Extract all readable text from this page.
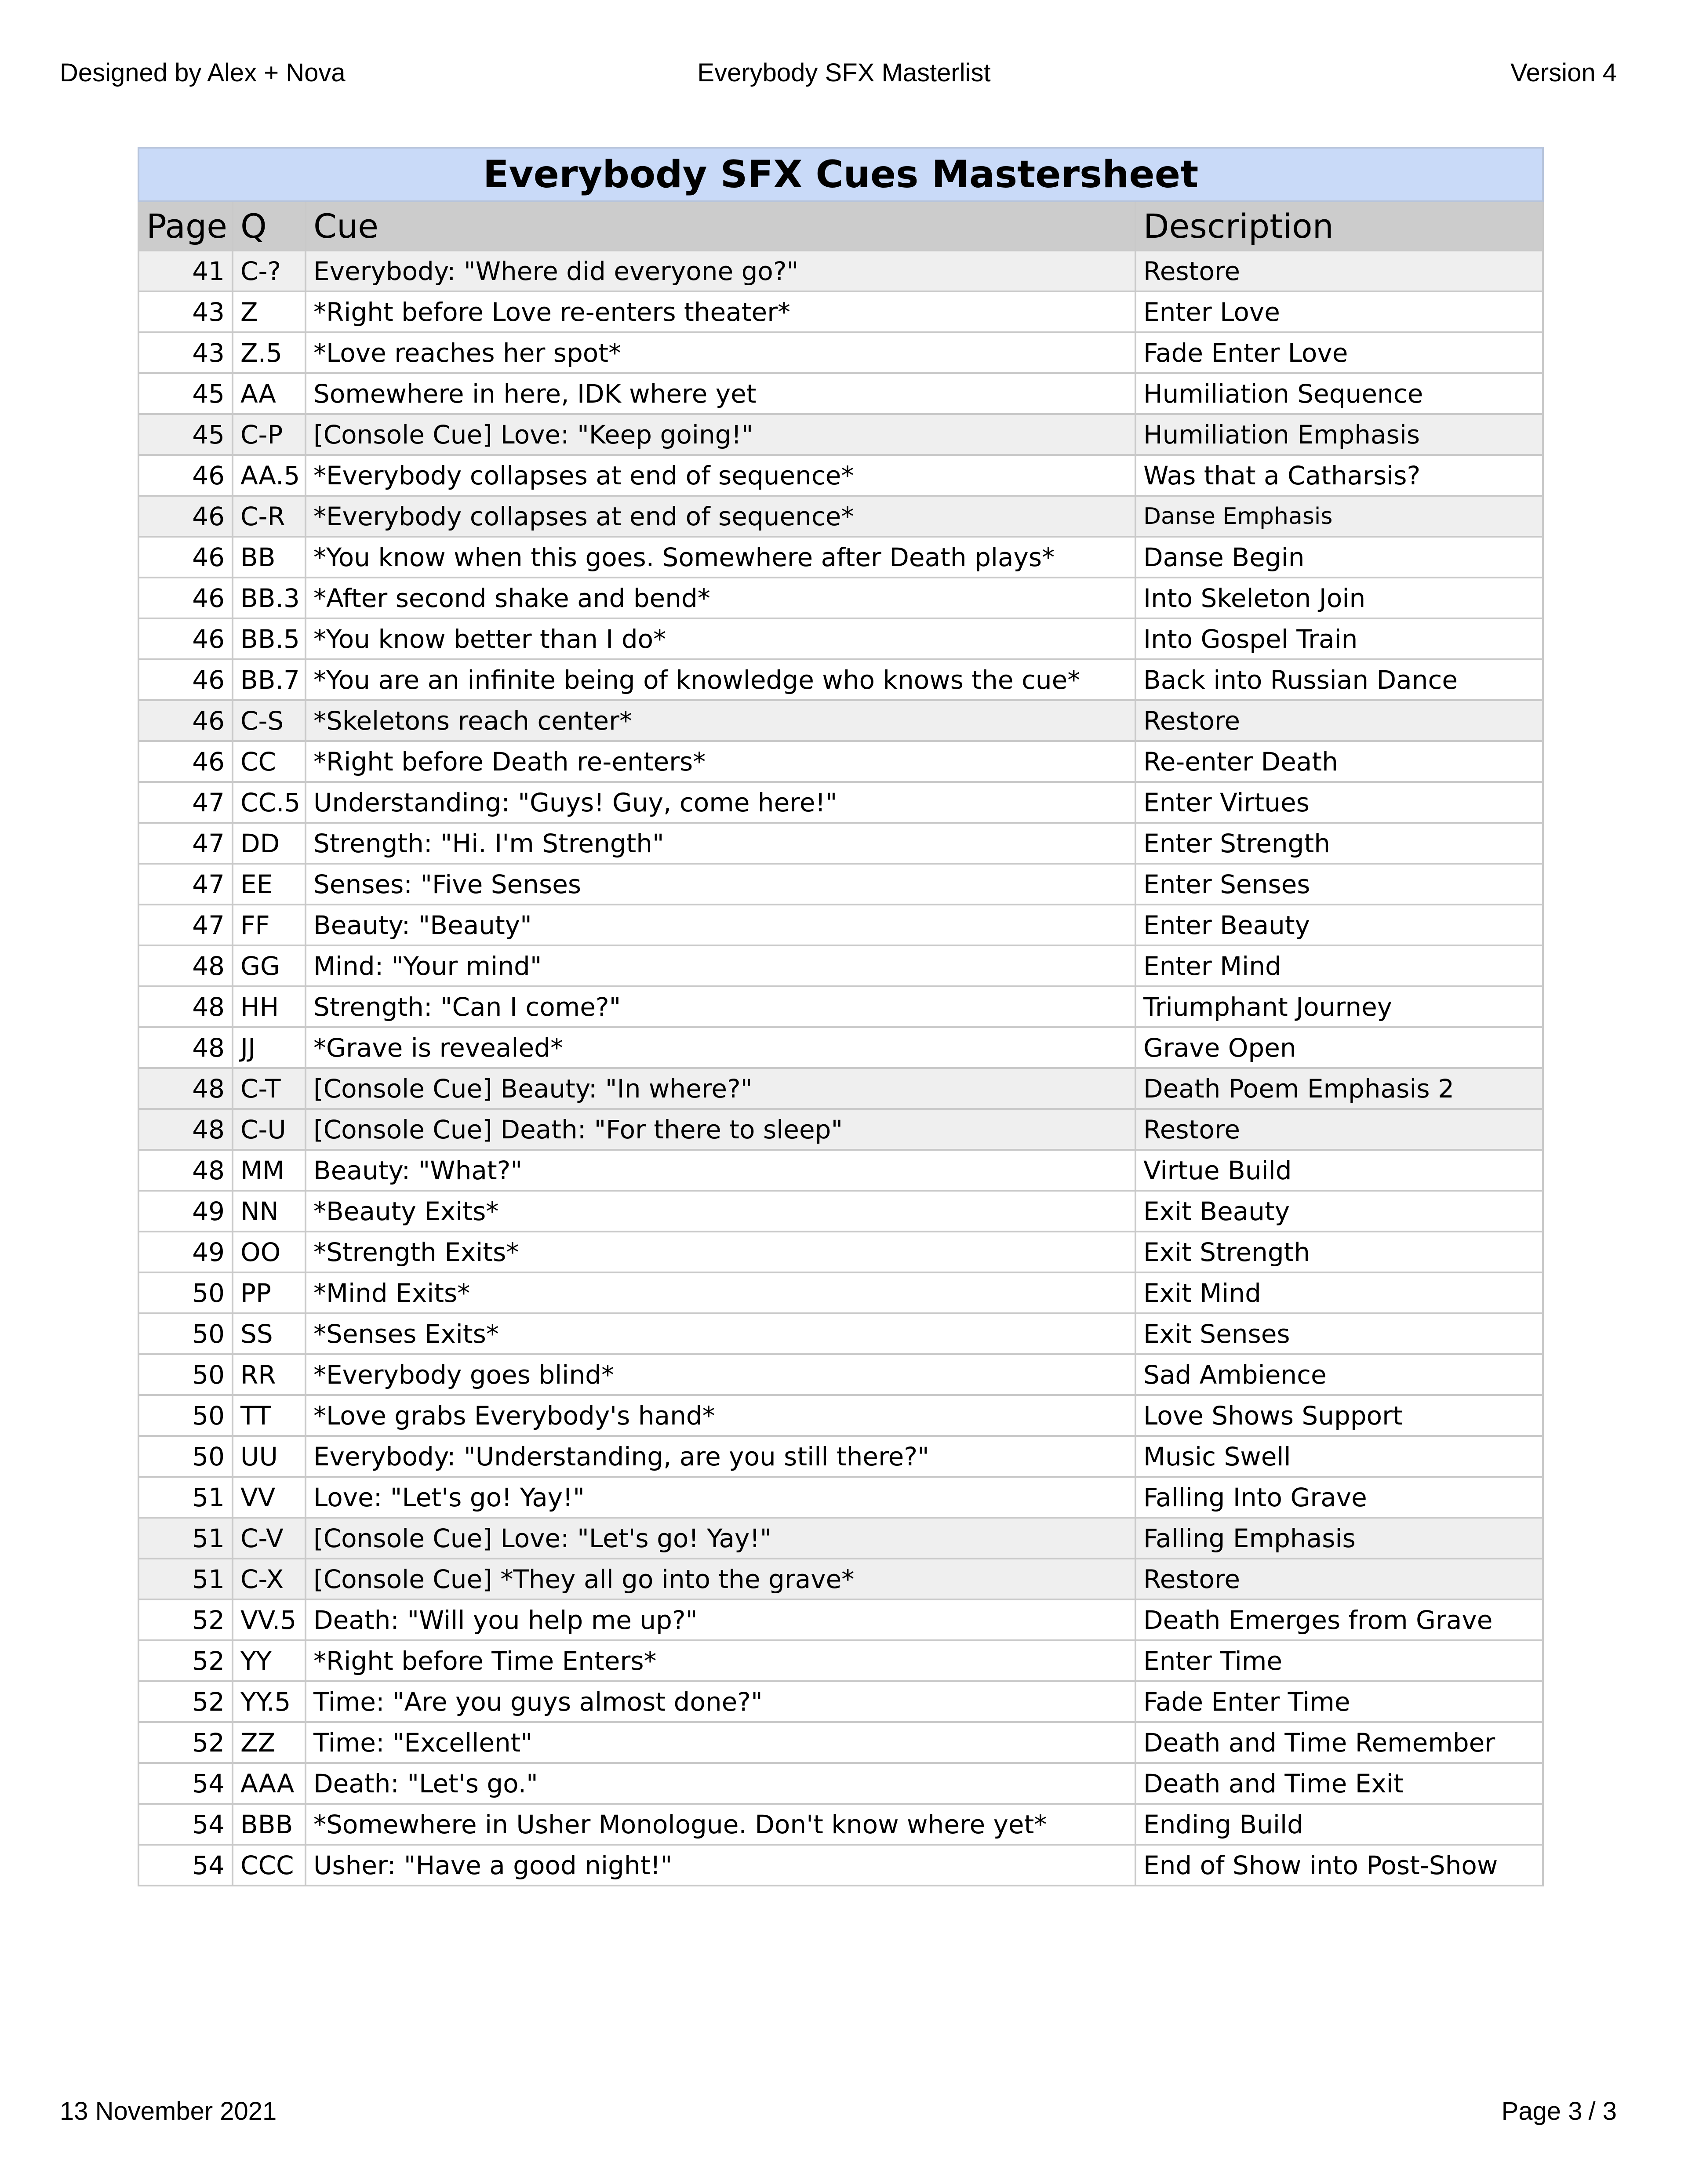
Designed by Alex + Nova	Everybody SFX Masterlist	Version 4
Everybody SFX Cues Mastersheet			
Page	Q	Cue	Description
41	C-?	Everybody: "Where did everyone go?"	Restore
43	Z	*Right before Love re-enters theater*	Enter Love
43	Z.5	*Love reaches her spot*	Fade Enter Love
45	AA	Somewhere in here, IDK where yet	Humiliation Sequence
45	C-P	[Console Cue] Love: "Keep going!"	Humiliation Emphasis
46	AA.5	*Everybody collapses at end of sequence*	Was that a Catharsis?
46	C-R	*Everybody collapses at end of sequence*	Danse Emphasis
46	BB	*You know when this goes. Somewhere after Death plays*	Danse Begin
46	BB.3	*After second shake and bend*	Into Skeleton Join
46	BB.5	*You know better than I do*	Into Gospel Train
46	BB.7	*You are an infinite being of knowledge who knows the cue*	Back into Russian Dance
46	C-S	*Skeletons reach center*	Restore
46	CC	*Right before Death re-enters*	Re-enter Death
47	CC.5	Understanding: "Guys! Guy, come here!"	Enter Virtues
47	DD	Strength: "Hi. I'm Strength"	Enter Strength
47	EE	Senses: "Five Senses	Enter Senses
47	FF	Beauty: "Beauty"	Enter Beauty
48	GG	Mind: "Your mind"	Enter Mind
48	HH	Strength: "Can I come?"	Triumphant Journey
48	JJ	*Grave is revealed*	Grave Open
48	C-T	[Console Cue] Beauty: "In where?"	Death Poem Emphasis 2
48	C-U	[Console Cue] Death: "For there to sleep"	Restore
48	MM	Beauty: "What?"	Virtue Build
49	NN	*Beauty Exits*	Exit Beauty
49	OO	*Strength Exits*	Exit Strength
50	PP	*Mind Exits*	Exit Mind
50	SS	*Senses Exits*	Exit Senses
50	RR	*Everybody goes blind*	Sad Ambience
50	TT	*Love grabs Everybody's hand*	Love Shows Support
50	UU	Everybody: "Understanding, are you still there?"	Music Swell
51	VV	Love: "Let's go! Yay!"	Falling Into Grave
51	C-V	[Console Cue] Love: "Let's go! Yay!"	Falling Emphasis
51	C-X	[Console Cue] *They all go into the grave*	Restore
52	VV.5	Death: "Will you help me up?"	Death Emerges from Grave
52	YY	*Right before Time Enters*	Enter Time
52	YY.5	Time: "Are you guys almost done?"	Fade Enter Time
52	ZZ	Time: "Excellent"	Death and Time Remember
54	AAA	Death: "Let's go."	Death and Time Exit
54	BBB	*Somewhere in Usher Monologue. Don't know where yet*	Ending Build
54	CCC	Usher: "Have a good night!"	End of Show into Post-Show
13 November 2021	Page 3 / 3
